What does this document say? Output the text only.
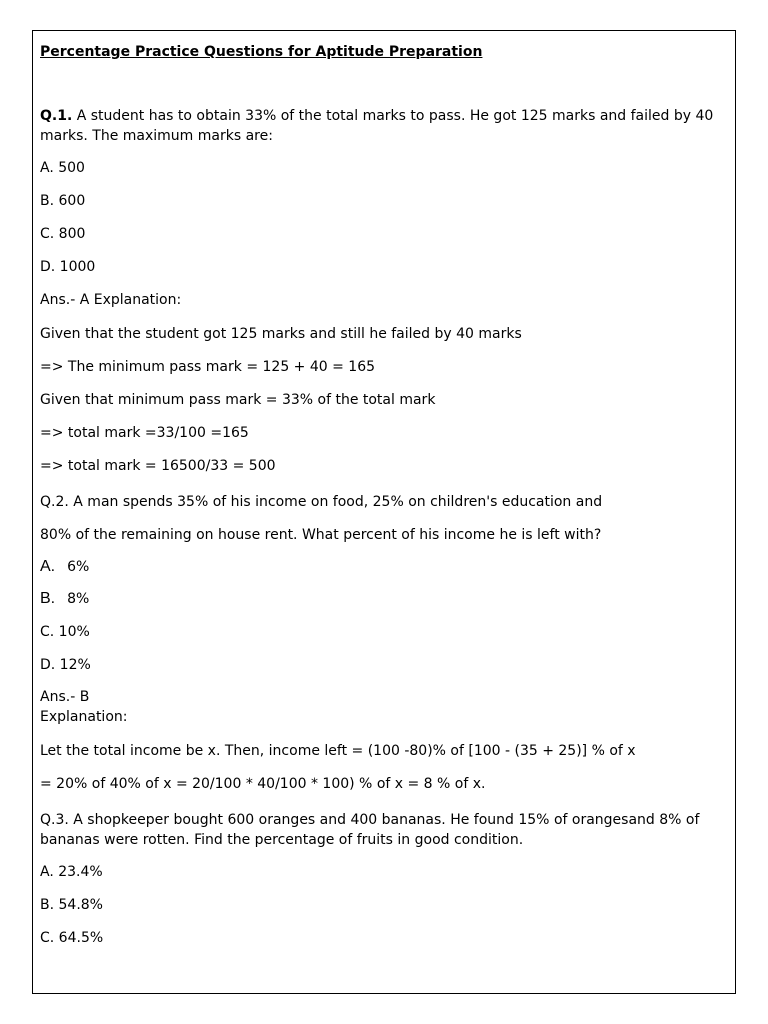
Percentage Practice Questions for Aptitude Preparation

Q.1. A student has to obtain 33% of the total marks to pass. He got 125 marks and failed by 40 marks. The maximum marks are:

A. 500

B. 600

C. 800

D. 1000

Ans.- A Explanation:

Given that the student got 125 marks and still he failed by 40 marks

=> The minimum pass mark = 125 + 40 = 165

Given that minimum pass mark = 33% of the total mark

=> total mark =33/100 =165

=> total mark = 16500/33 = 500

Q.2. A man spends 35% of his income on food, 25% on children's education and

80% of the remaining on house rent. What percent of his income he is left with?

A. 6%

B. 8%

C. 10%

D. 12%

Ans.- B

Explanation:

Let the total income be x. Then, income left = (100 -80)% of [100 - (35 + 25)] % of x

= 20% of 40% of x = 20/100 * 40/100 * 100) % of x = 8 % of x.

Q.3. A shopkeeper bought 600 oranges and 400 bananas. He found 15% of orangesand 8% of bananas were rotten. Find the percentage of fruits in good condition.

A. 23.4%

B. 54.8%

C. 64.5%
